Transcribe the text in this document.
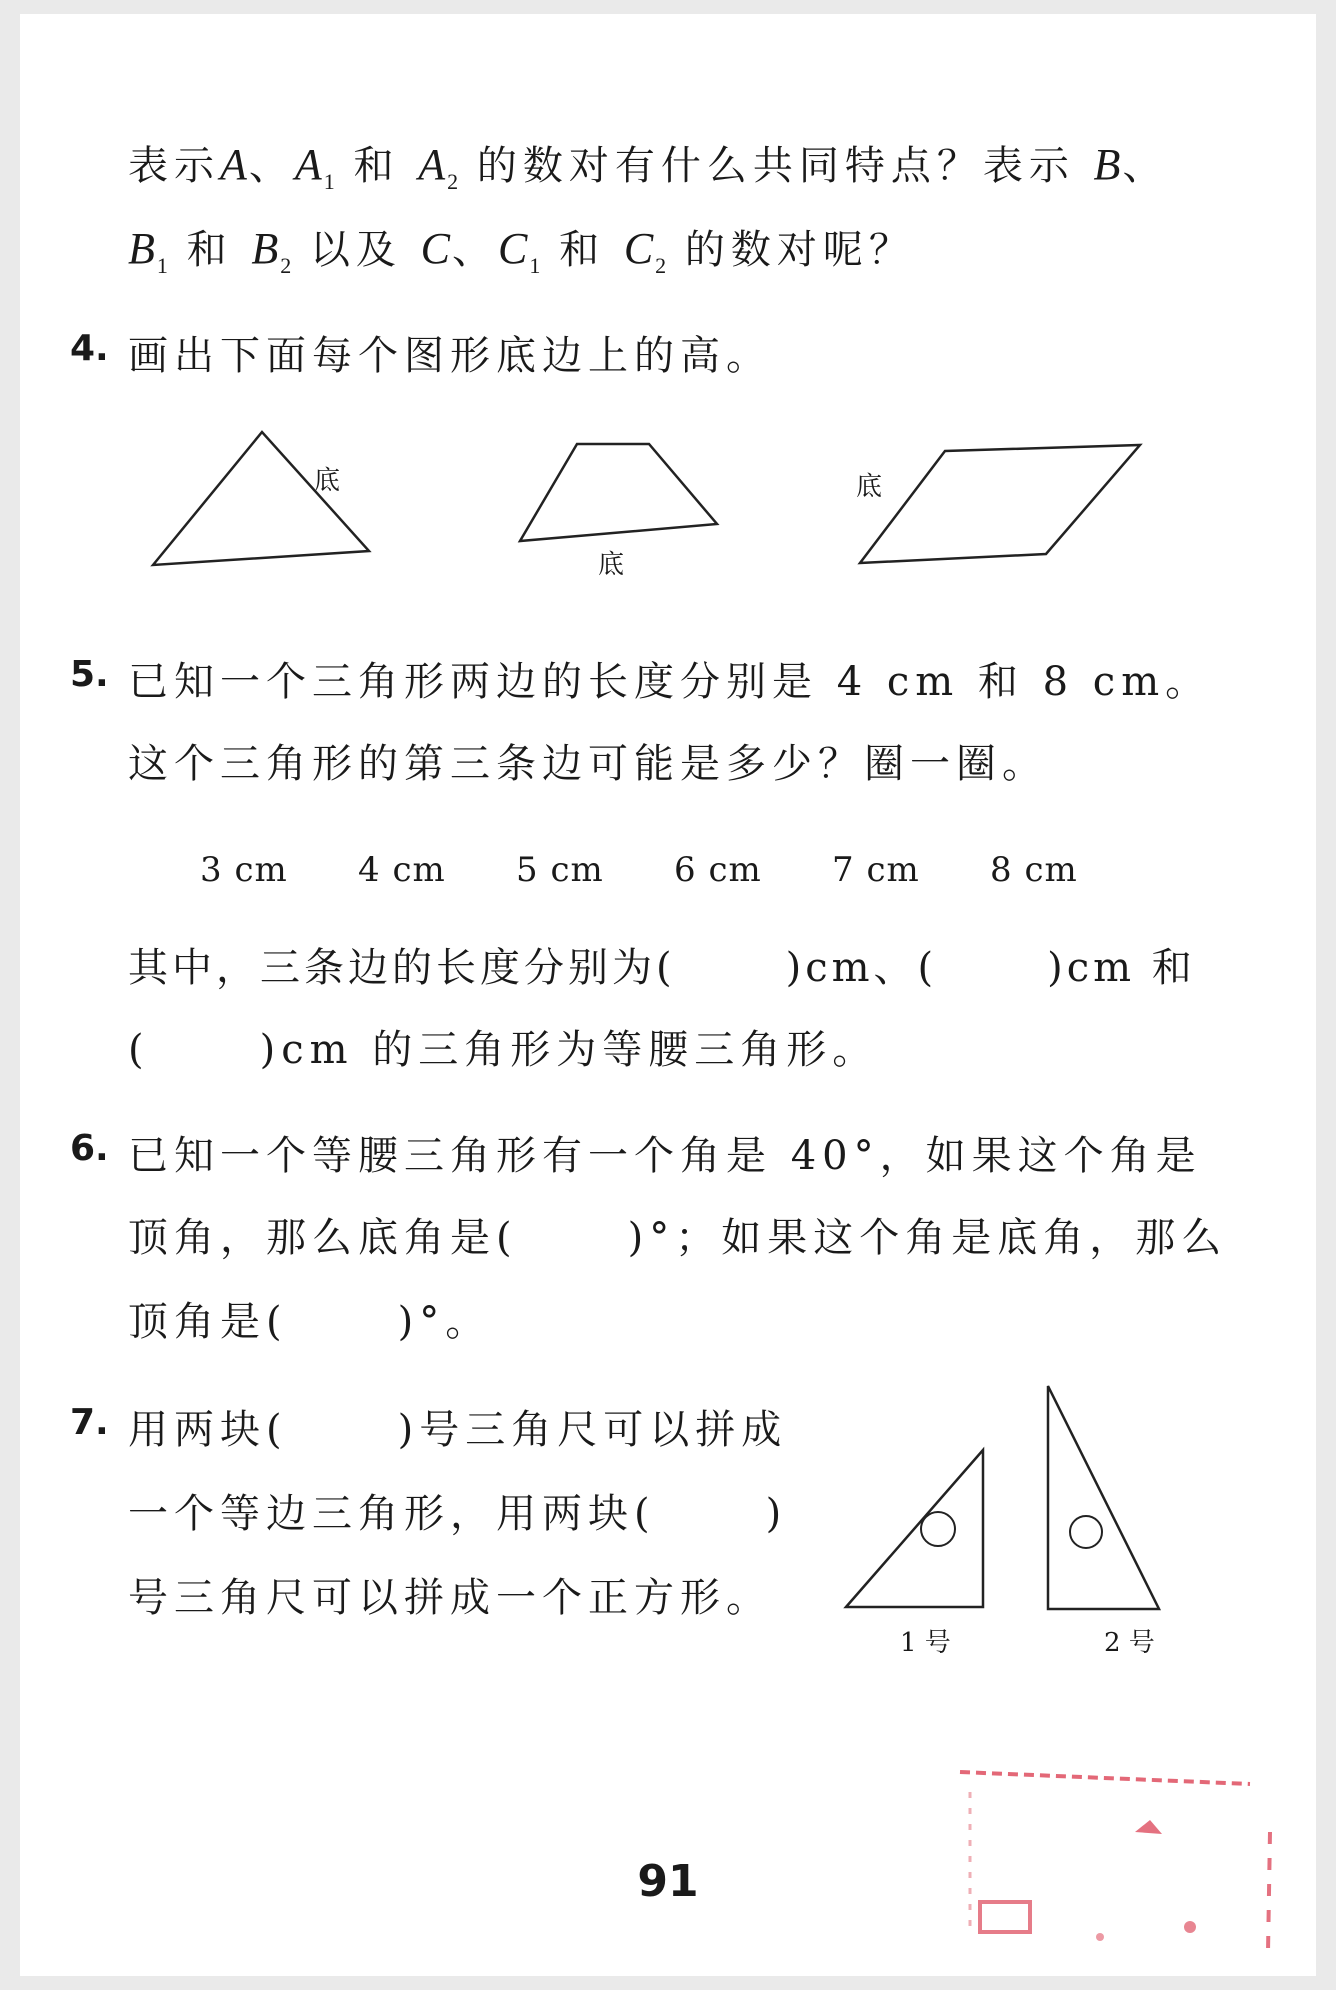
表示A、$A_1$ 和 $A_2$ 的数对有什么共同特点？表示 B、
$B_1$ 和 $B_2$ 以及 C、$C_1$ 和 $C_2$ 的数对呢？
4. 画出下面每个图形底边上的高。
底
底
底
5. 已知一个三角形两边的长度分别是 4 cm 和 8 cm。
这个三角形的第三条边可能是多少？圈一圈。
3 cm 4 cm 5 cm 6 cm 7 cm 8 cm
其中，三条边的长度分别为(	)cm、(	)cm 和
(	)cm 的三角形为等腰三角形。
6. 已知一个等腰三角形有一个角是 40°，如果这个角是
顶角，那么底角是(	)°；如果这个角是底角，那么
顶角是(	)°。
7. 用两块(	)号三角尺可以拼成
一个等边三角形，用两块(	)
号三角尺可以拼成一个正方形。
1 号	2 号
91
